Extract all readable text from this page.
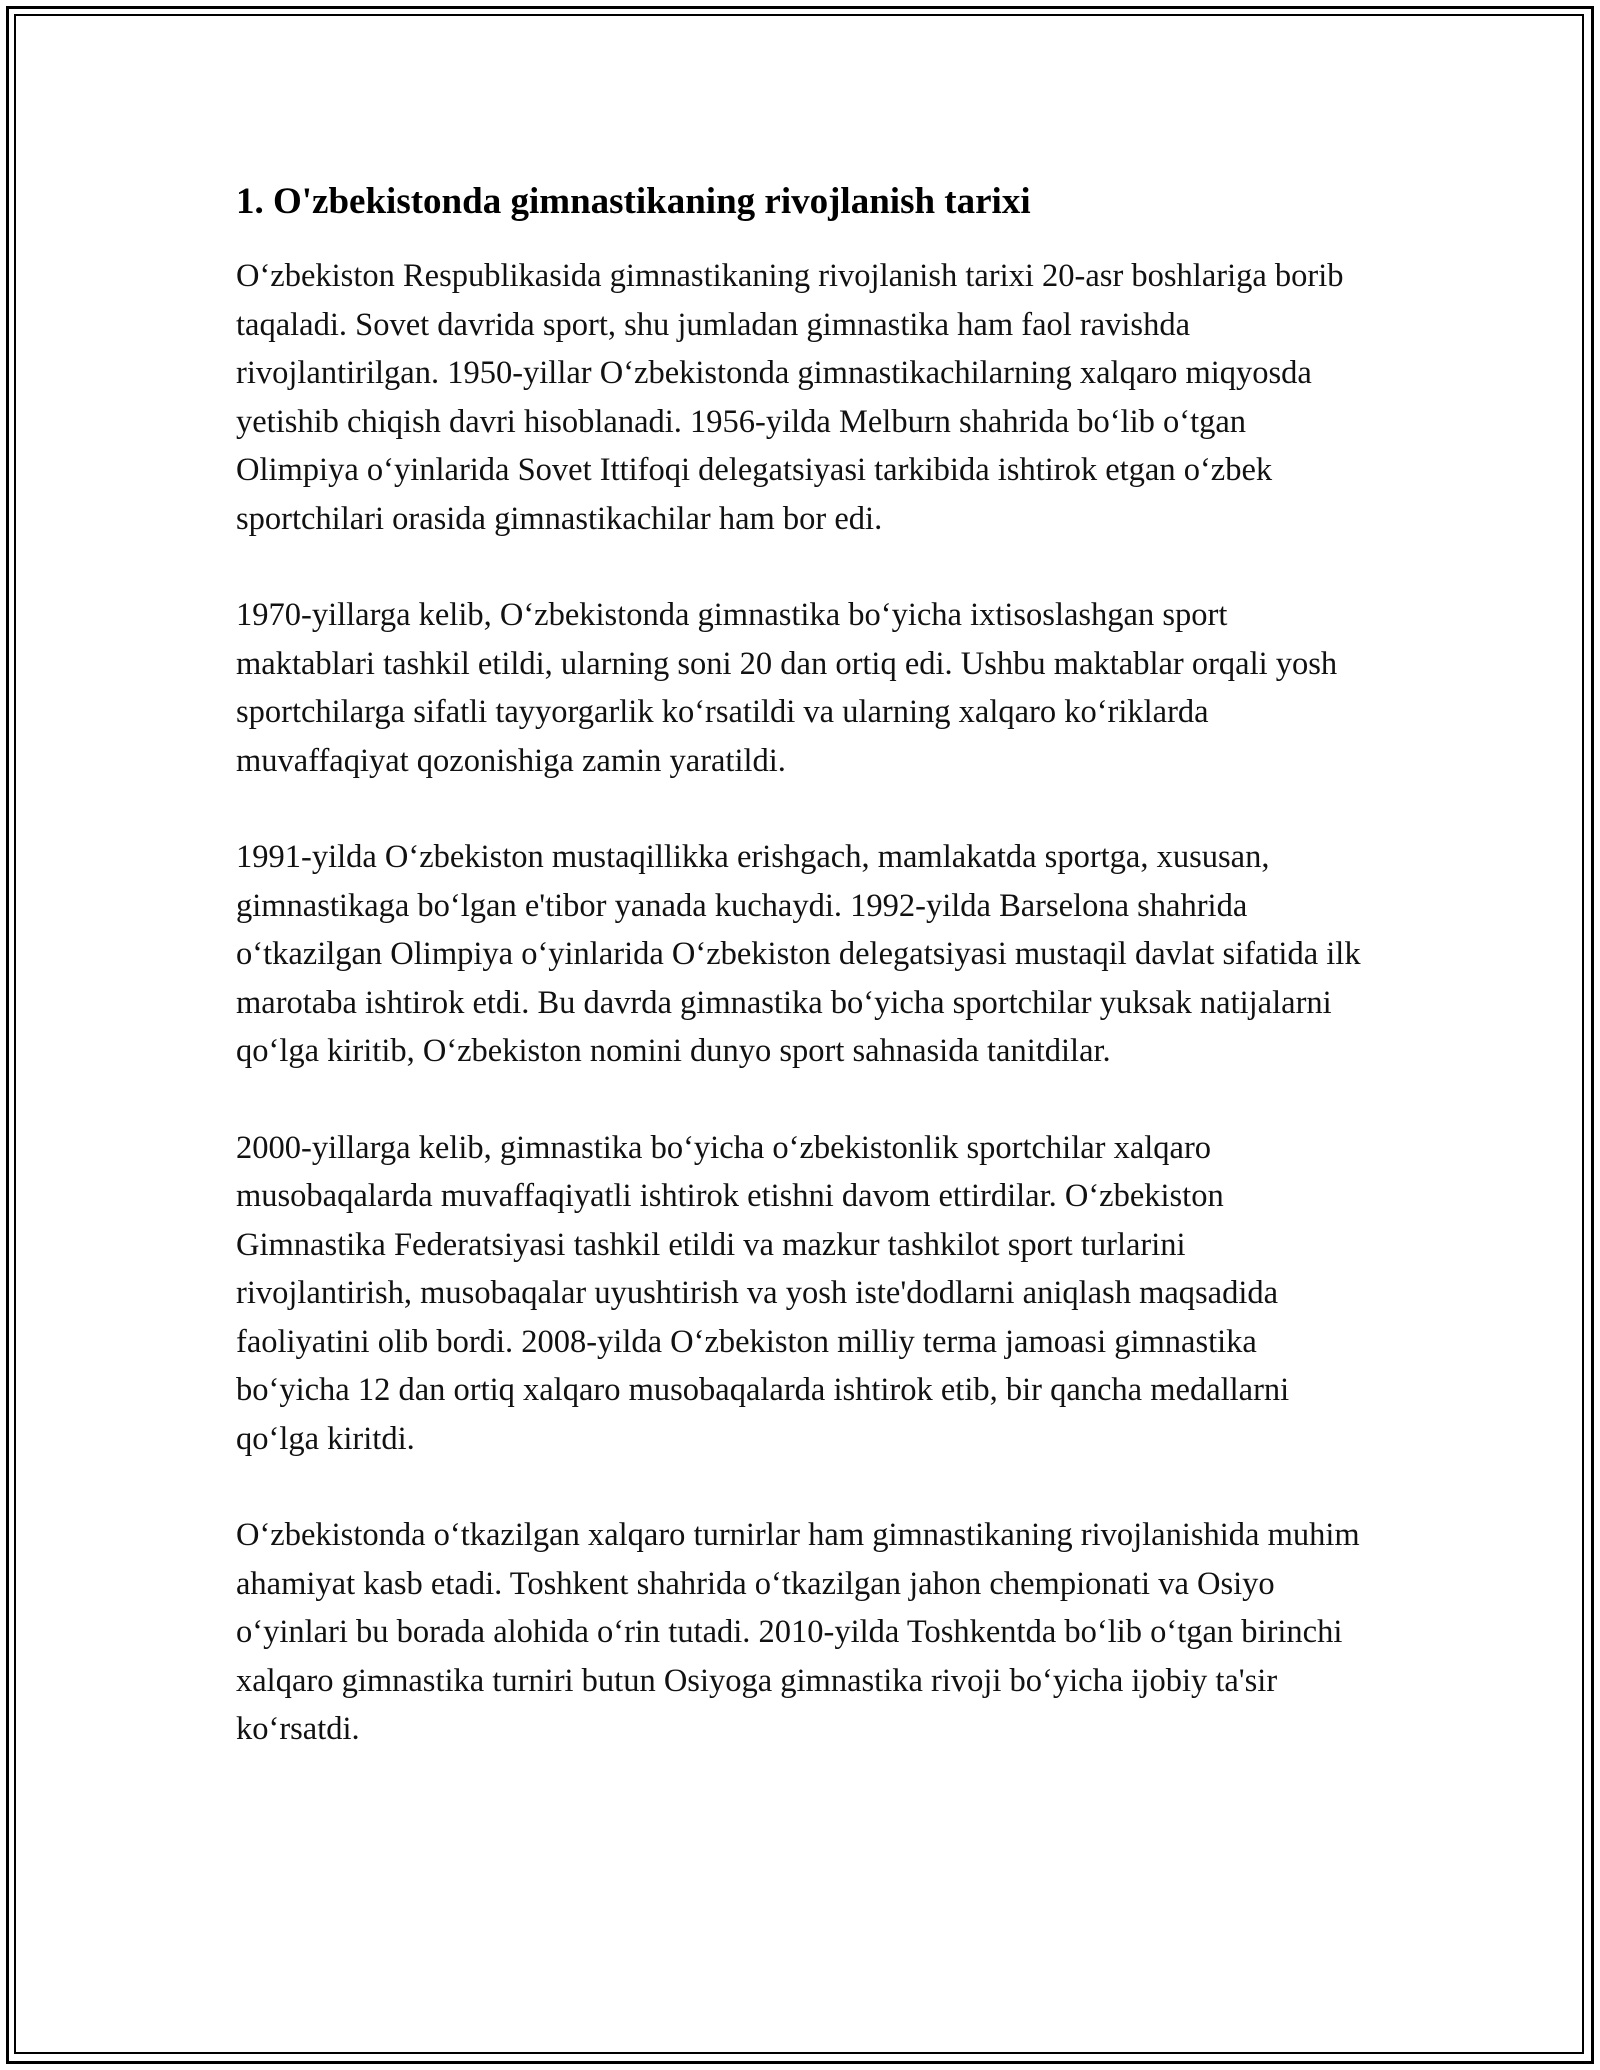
1. O'zbekistonda gimnastikaning rivojlanish tarixi

O‘zbekiston Respublikasida gimnastikaning rivojlanish tarixi 20-asr boshlariga borib taqaladi. Sovet davrida sport, shu jumladan gimnastika ham faol ravishda rivojlantirilgan. 1950-yillar O‘zbekistonda gimnastikachilarning xalqaro miqyosda yetishib chiqish davri hisoblanadi. 1956-yilda Melburn shahrida bo‘lib o‘tgan Olimpiya o‘yinlarida Sovet Ittifoqi delegatsiyasi tarkibida ishtirok etgan o‘zbek sportchilari orasida gimnastikachilar ham bor edi.

1970-yillarga kelib, O‘zbekistonda gimnastika bo‘yicha ixtisoslashgan sport maktablari tashkil etildi, ularning soni 20 dan ortiq edi. Ushbu maktablar orqali yosh sportchilarga sifatli tayyorgarlik ko‘rsatildi va ularning xalqaro ko‘riklarda muvaffaqiyat qozonishiga zamin yaratildi.

1991-yilda O‘zbekiston mustaqillikka erishgach, mamlakatda sportga, xususan, gimnastikaga bo‘lgan e'tibor yanada kuchaydi. 1992-yilda Barselona shahrida o‘tkazilgan Olimpiya o‘yinlarida O‘zbekiston delegatsiyasi mustaqil davlat sifatida ilk marotaba ishtirok etdi. Bu davrda gimnastika bo‘yicha sportchilar yuksak natijalarni qo‘lga kiritib, O‘zbekiston nomini dunyo sport sahnasida tanitdilar.

2000-yillarga kelib, gimnastika bo‘yicha o‘zbekistonlik sportchilar xalqaro musobaqalarda muvaffaqiyatli ishtirok etishni davom ettirdilar. O‘zbekiston Gimnastika Federatsiyasi tashkil etildi va mazkur tashkilot sport turlarini rivojlantirish, musobaqalar uyushtirish va yosh iste'dodlarni aniqlash maqsadida faoliyatini olib bordi. 2008-yilda O‘zbekiston milliy terma jamoasi gimnastika bo‘yicha 12 dan ortiq xalqaro musobaqalarda ishtirok etib, bir qancha medallarni qo‘lga kiritdi.

O‘zbekistonda o‘tkazilgan xalqaro turnirlar ham gimnastikaning rivojlanishida muhim ahamiyat kasb etadi. Toshkent shahrida o‘tkazilgan jahon chempionati va Osiyo o‘yinlari bu borada alohida o‘rin tutadi. 2010-yilda Toshkentda bo‘lib o‘tgan birinchi xalqaro gimnastika turniri butun Osiyoga gimnastika rivoji bo‘yicha ijobiy ta'sir ko‘rsatdi.
